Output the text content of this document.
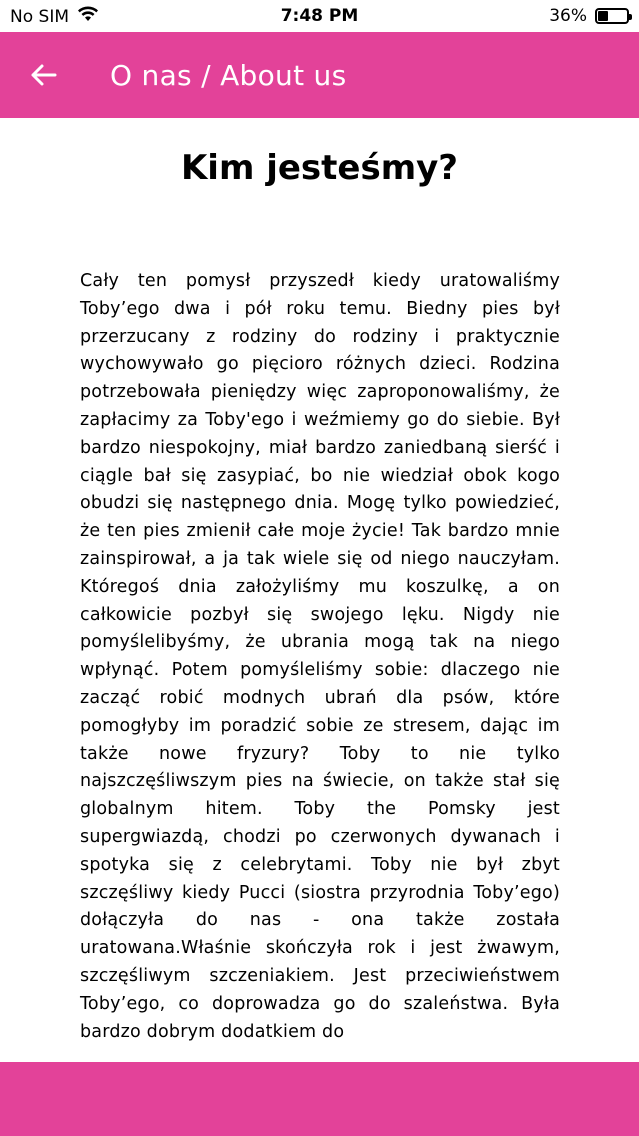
No SIM	7:48 PM	36%
O nas / About us
Kim jesteśmy?

Cały ten pomysł przyszedł kiedy uratowaliśmy Toby’ego dwa i pół roku temu. Biedny pies był przerzucany z rodziny do rodziny i praktycznie wychowywało go pięcioro różnych dzieci. Rodzina potrzebowała pieniędzy więc zaproponowaliśmy, że zapłacimy za Toby'ego i weźmiemy go do siebie. Był bardzo niespokojny, miał bardzo zaniedbaną sierść i ciągle bał się zasypiać, bo nie wiedział obok kogo obudzi się następnego dnia. Mogę tylko powiedzieć, że ten pies zmienił całe moje życie! Tak bardzo mnie zainspirował, a ja tak wiele się od niego nauczyłam. Któregoś dnia założyliśmy mu koszulkę, a on całkowicie pozbył się swojego lęku. Nigdy nie pomyślelibyśmy, że ubrania mogą tak na niego wpłynąć. Potem pomyśleliśmy sobie: dlaczego nie zacząć robić modnych ubrań dla psów, które pomogłyby im poradzić sobie ze stresem, dając im także nowe fryzury? Toby to nie tylko najszczęśliwszym pies na świecie, on także stał się globalnym hitem. Toby the Pomsky jest supergwiazdą, chodzi po czerwonych dywanach i spotyka się z celebrytami. Toby nie był zbyt szczęśliwy kiedy Pucci (siostra przyrodnia Toby’ego) dołączyła do nas - ona także została uratowana.Właśnie skończyła rok i jest żwawym, szczęśliwym szczeniakiem. Jest przeciwieństwem Toby’ego, co doprowadza go do szaleństwa. Była bardzo dobrym dodatkiem do
